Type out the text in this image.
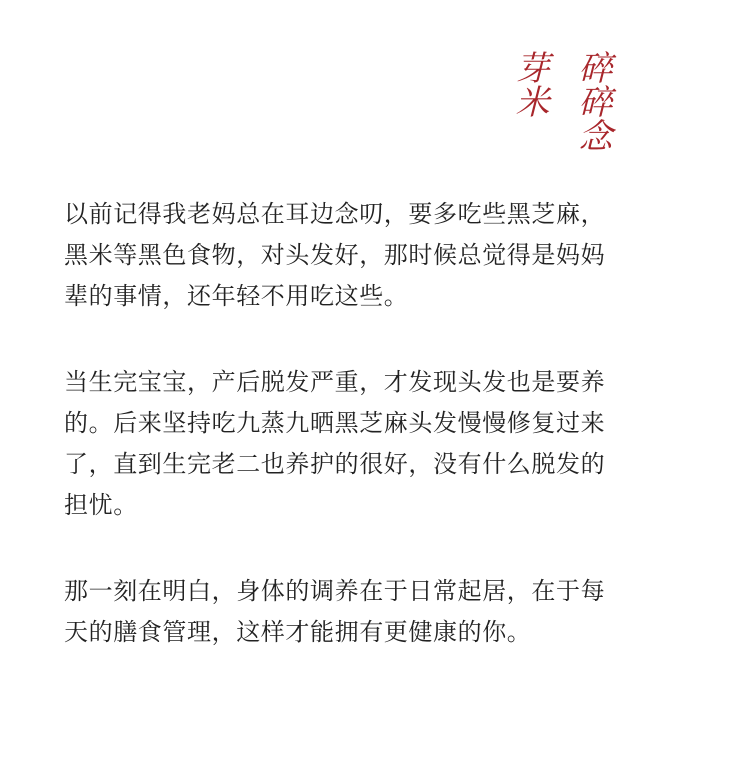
碎碎念
芽米

以前记得我老妈总在耳边念叨，要多吃些黑芝麻，
黑米等黑色食物，对头发好，那时候总觉得是妈妈
辈的事情，还年轻不用吃这些。

当生完宝宝，产后脱发严重，才发现头发也是要养
的。后来坚持吃九蒸九晒黑芝麻头发慢慢修复过来
了，直到生完老二也养护的很好，没有什么脱发的
担忧。

那一刻在明白，身体的调养在于日常起居，在于每
天的膳食管理，这样才能拥有更健康的你。
